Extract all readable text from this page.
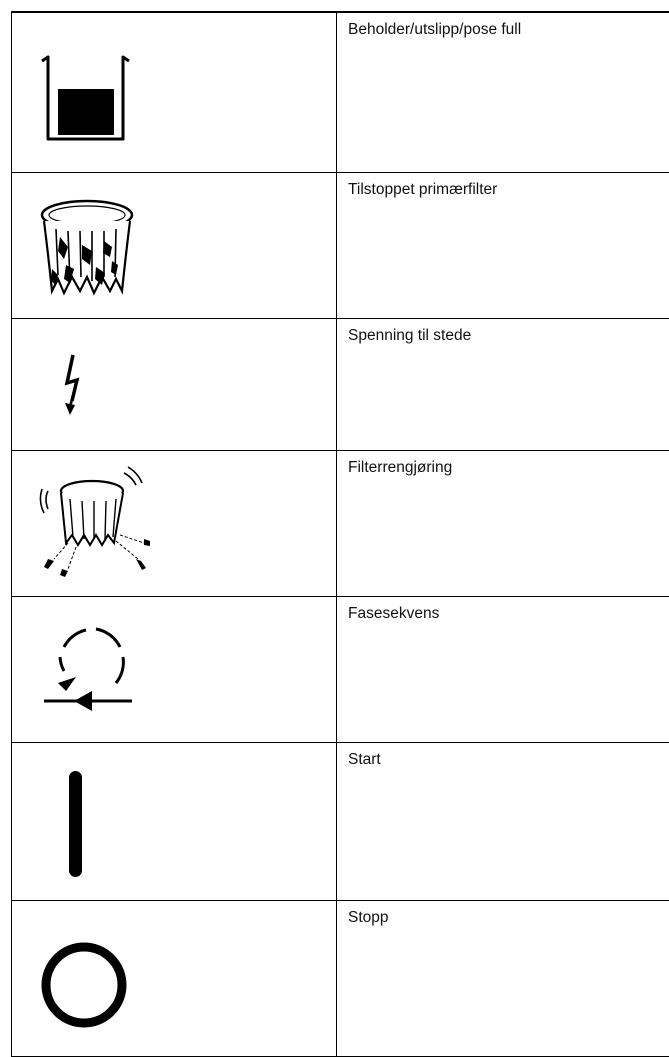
Beholder/utslipp/pose full

Tilstoppet primærfilter

Spenning til stede

Filterrengjøring

Fasesekvens

Start

Stopp
